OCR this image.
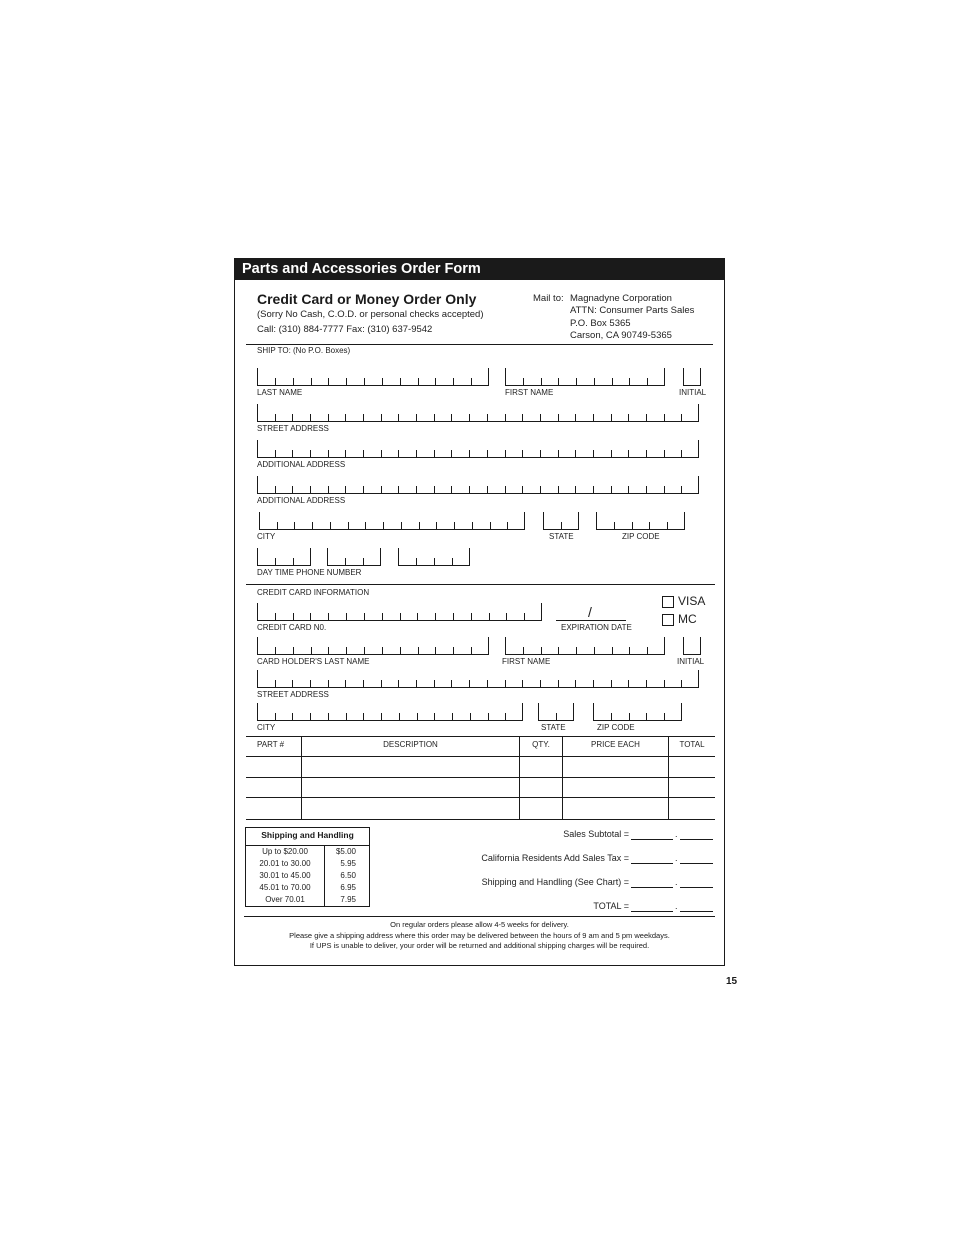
Parts and Accessories Order Form
Credit Card or Money Order Only
(Sorry No Cash, C.O.D. or personal checks accepted)
Call: (310) 884-7777 Fax: (310) 637-9542
Mail to: Magnadyne Corporation
ATTN: Consumer Parts Sales
P.O. Box 5365
Carson, CA 90749-5365
SHIP TO: (No P.O. Boxes)
LAST NAME	FIRST NAME	INITIAL
STREET ADDRESS
ADDITIONAL ADDRESS
ADDITIONAL ADDRESS
CITY	STATE	ZIP CODE
DAY TIME PHONE NUMBER
CREDIT CARD INFORMATION
/
CREDIT CARD N0.	EXPIRATION DATE
VISA
MC
CARD HOLDER'S LAST NAME	FIRST NAME	INITIAL
STREET ADDRESS
CITY	STATE	ZIP CODE
PART #	DESCRIPTION	QTY.	PRICE EACH	TOTAL
Shipping and Handling
Up to $20.00	$5.00
20.01 to 30.00	5.95
30.01 to 45.00	6.50
45.01 to 70.00	6.95
Over 70.01	7.95
Sales Subtotal =	.
California Residents Add Sales Tax =	.
Shipping and Handling (See Chart) =	.
TOTAL =	.
On regular orders please allow 4-5 weeks for delivery.
Please give a shipping address where this order may be delivered between the hours of 9 am and 5 pm weekdays.
If UPS is unable to deliver, your order will be returned and additional shipping charges will be required.
15
